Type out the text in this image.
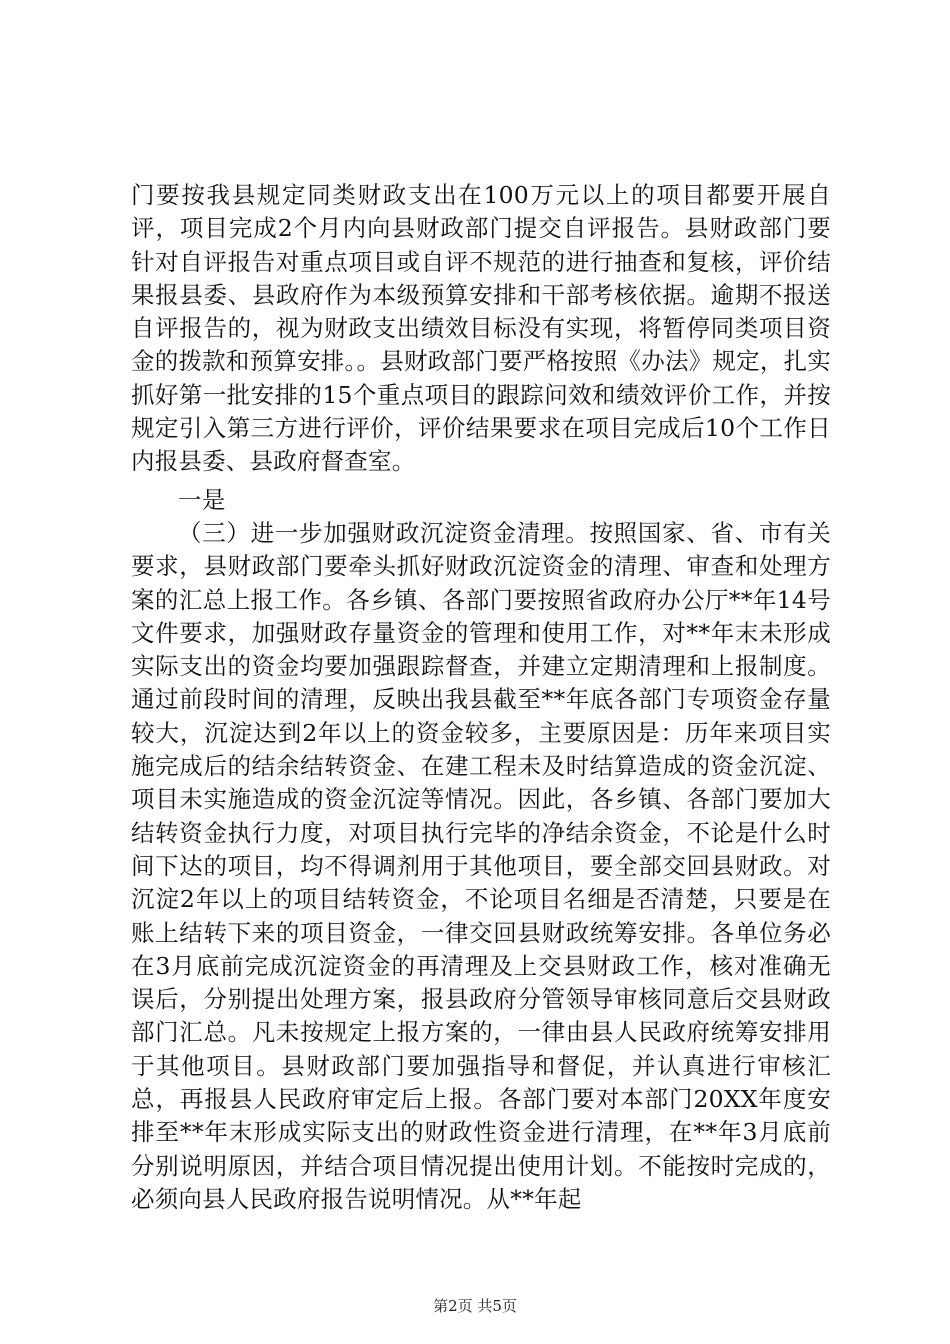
门要按我县规定同类财政支出在100万元以上的项目都要开展自评，项目完成2个月内向县财政部门提交自评报告。县财政部门要针对自评报告对重点项目或自评不规范的进行抽查和复核，评价结果报县委、县政府作为本级预算安排和干部考核依据。逾期不报送自评报告的，视为财政支出绩效目标没有实现，将暂停同类项目资金的拨款和预算安排。。县财政部门要严格按照《办法》规定，扎实抓好第一批安排的15个重点项目的跟踪问效和绩效评价工作，并按规定引入第三方进行评价，评价结果要求在项目完成后10个工作日内报县委、县政府督查室。

一是

（三）进一步加强财政沉淀资金清理。按照国家、省、市有关要求，县财政部门要牵头抓好财政沉淀资金的清理、审查和处理方案的汇总上报工作。各乡镇、各部门要按照省政府办公厅**年14号文件要求，加强财政存量资金的管理和使用工作，对**年末未形成实际支出的资金均要加强跟踪督查，并建立定期清理和上报制度。通过前段时间的清理，反映出我县截至**年底各部门专项资金存量较大，沉淀达到2年以上的资金较多，主要原因是：历年来项目实施完成后的结余结转资金、在建工程未及时结算造成的资金沉淀、项目未实施造成的资金沉淀等情况。因此，各乡镇、各部门要加大结转资金执行力度，对项目执行完毕的净结余资金，不论是什么时间下达的项目，均不得调剂用于其他项目，要全部交回县财政。对沉淀2年以上的项目结转资金，不论项目名细是否清楚，只要是在账上结转下来的项目资金，一律交回县财政统筹安排。各单位务必在3月底前完成沉淀资金的再清理及上交县财政工作，核对准确无误后，分别提出处理方案，报县政府分管领导审核同意后交县财政部门汇总。凡未按规定上报方案的，一律由县人民政府统筹安排用于其他项目。县财政部门要加强指导和督促，并认真进行审核汇总，再报县人民政府审定后上报。各部门要对本部门20XX年度安排至**年末形成实际支出的财政性资金进行清理，在**年3月底前分别说明原因，并结合项目情况提出使用计划。不能按时完成的，必须向县人民政府报告说明情况。从**年起

第2页 共5页
